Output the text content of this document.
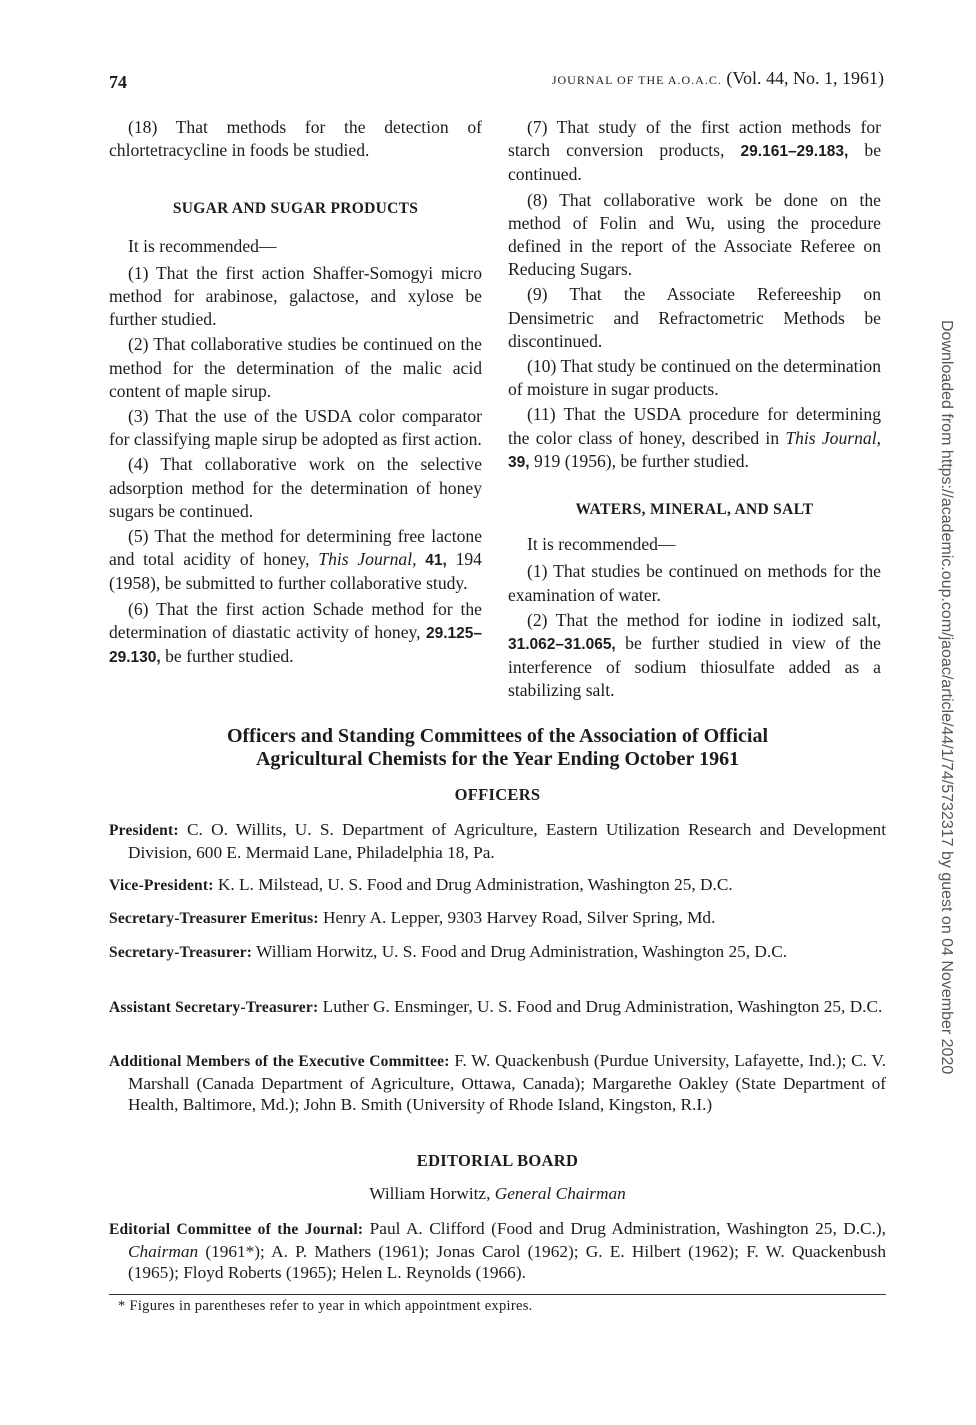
74	JOURNAL OF THE A.O.A.C. (Vol. 44, No. 1, 1961)

(18) That methods for the detection of chlortetracycline in foods be studied.

SUGAR AND SUGAR PRODUCTS

It is recommended—

(1) That the first action Shaffer-Somogyi micro method for arabinose, galactose, and xylose be further studied.

(2) That collaborative studies be continued on the method for the determination of the malic acid content of maple sirup.

(3) That the use of the USDA color comparator for classifying maple sirup be adopted as first action.

(4) That collaborative work on the selective adsorption method for the determination of honey sugars be continued.

(5) That the method for determining free lactone and total acidity of honey, This Journal, 41, 194 (1958), be submitted to further collaborative study.

(6) That the first action Schade method for the determination of diastatic activity of honey, 29.125–29.130, be further studied.

(7) That study of the first action methods for starch conversion products, 29.161–29.183, be continued.

(8) That collaborative work be done on the method of Folin and Wu, using the procedure defined in the report of the Associate Referee on Reducing Sugars.

(9) That the Associate Refereeship on Densimetric and Refractometric Methods be discontinued.

(10) That study be continued on the determination of moisture in sugar products.

(11) That the USDA procedure for determining the color class of honey, described in This Journal, 39, 919 (1956), be further studied.

WATERS, MINERAL, AND SALT

It is recommended—

(1) That studies be continued on methods for the examination of water.

(2) That the method for iodine in iodized salt, 31.062–31.065, be further studied in view of the interference of sodium thiosulfate added as a stabilizing salt.

Officers and Standing Committees of the Association of Official
Agricultural Chemists for the Year Ending October 1961
OFFICERS
President: C. O. Willits, U. S. Department of Agriculture, Eastern Utilization Research and Development Division, 600 E. Mermaid Lane, Philadelphia 18, Pa.
Vice-President: K. L. Milstead, U. S. Food and Drug Administration, Washington 25, D.C.
Secretary-Treasurer Emeritus: Henry A. Lepper, 9303 Harvey Road, Silver Spring, Md.
Secretary-Treasurer: William Horwitz, U. S. Food and Drug Administration, Washington 25, D.C.
Assistant Secretary-Treasurer: Luther G. Ensminger, U. S. Food and Drug Administration, Washington 25, D.C.
Additional Members of the Executive Committee: F. W. Quackenbush (Purdue University, Lafayette, Ind.); C. V. Marshall (Canada Department of Agriculture, Ottawa, Canada); Margarethe Oakley (State Department of Health, Baltimore, Md.); John B. Smith (University of Rhode Island, Kingston, R.I.)
EDITORIAL BOARD
William Horwitz, General Chairman
Editorial Committee of the Journal: Paul A. Clifford (Food and Drug Administration, Washington 25, D.C.), Chairman (1961*); A. P. Mathers (1961); Jonas Carol (1962); G. E. Hilbert (1962); F. W. Quackenbush (1965); Floyd Roberts (1965); Helen L. Reynolds (1966).
* Figures in parentheses refer to year in which appointment expires.
Downloaded from https://academic.oup.com/jaoac/article/44/1/74/5732317 by guest on 04 November 2020
